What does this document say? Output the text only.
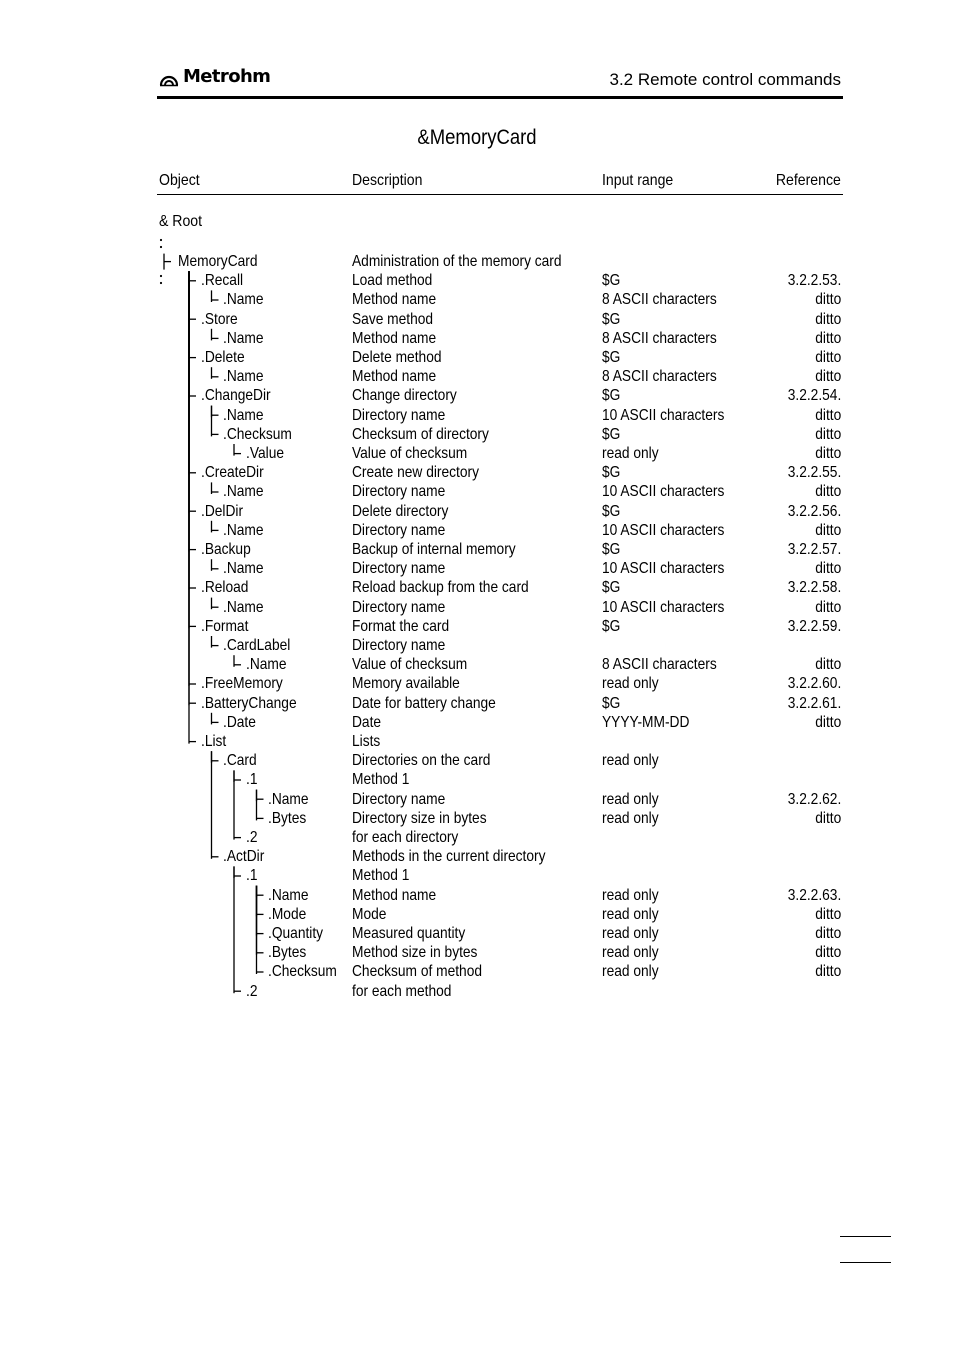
Metrohm	3.2 Remote control commands
&MemoryCard
Object	Description	Input range	Reference
& Root
MemoryCard	Administration of the memory card
.Recall	Load method	$G	3.2.2.53.
.Name	Method name	8 ASCII characters	ditto
.Store	Save method	$G	ditto
.Name	Method name	8 ASCII characters	ditto
.Delete	Delete method	$G	ditto
.Name	Method name	8 ASCII characters	ditto
.ChangeDir	Change directory	$G	3.2.2.54.
.Name	Directory name	10 ASCII characters	ditto
.Checksum	Checksum of directory	$G	ditto
.Value	Value of checksum	read only	ditto
.CreateDir	Create new directory	$G	3.2.2.55.
.Name	Directory name	10 ASCII characters	ditto
.DelDir	Delete directory	$G	3.2.2.56.
.Name	Directory name	10 ASCII characters	ditto
.Backup	Backup of internal memory	$G	3.2.2.57.
.Name	Directory name	10 ASCII characters	ditto
.Reload	Reload backup from the card	$G	3.2.2.58.
.Name	Directory name	10 ASCII characters	ditto
.Format	Format the card	$G	3.2.2.59.
.CardLabel	Directory name
.Name	Value of checksum	8 ASCII characters	ditto
.FreeMemory	Memory available	read only	3.2.2.60.
.BatteryChange	Date for battery change	$G	3.2.2.61.
.Date	Date	YYYY-MM-DD	ditto
.List	Lists
.Card	Directories on the card	read only
.1	Method 1
.Name	Directory name	read only	3.2.2.62.
.Bytes	Directory size in bytes	read only	ditto
.2	for each directory
.ActDir	Methods in the current directory
.1	Method 1
.Name	Method name	read only	3.2.2.63.
.Mode	Mode	read only	ditto
.Quantity Measured quantity	read only	ditto
.Bytes	Method size in bytes	read only	ditto
.Checksum Checksum of method	read only	ditto
.2	for each method
